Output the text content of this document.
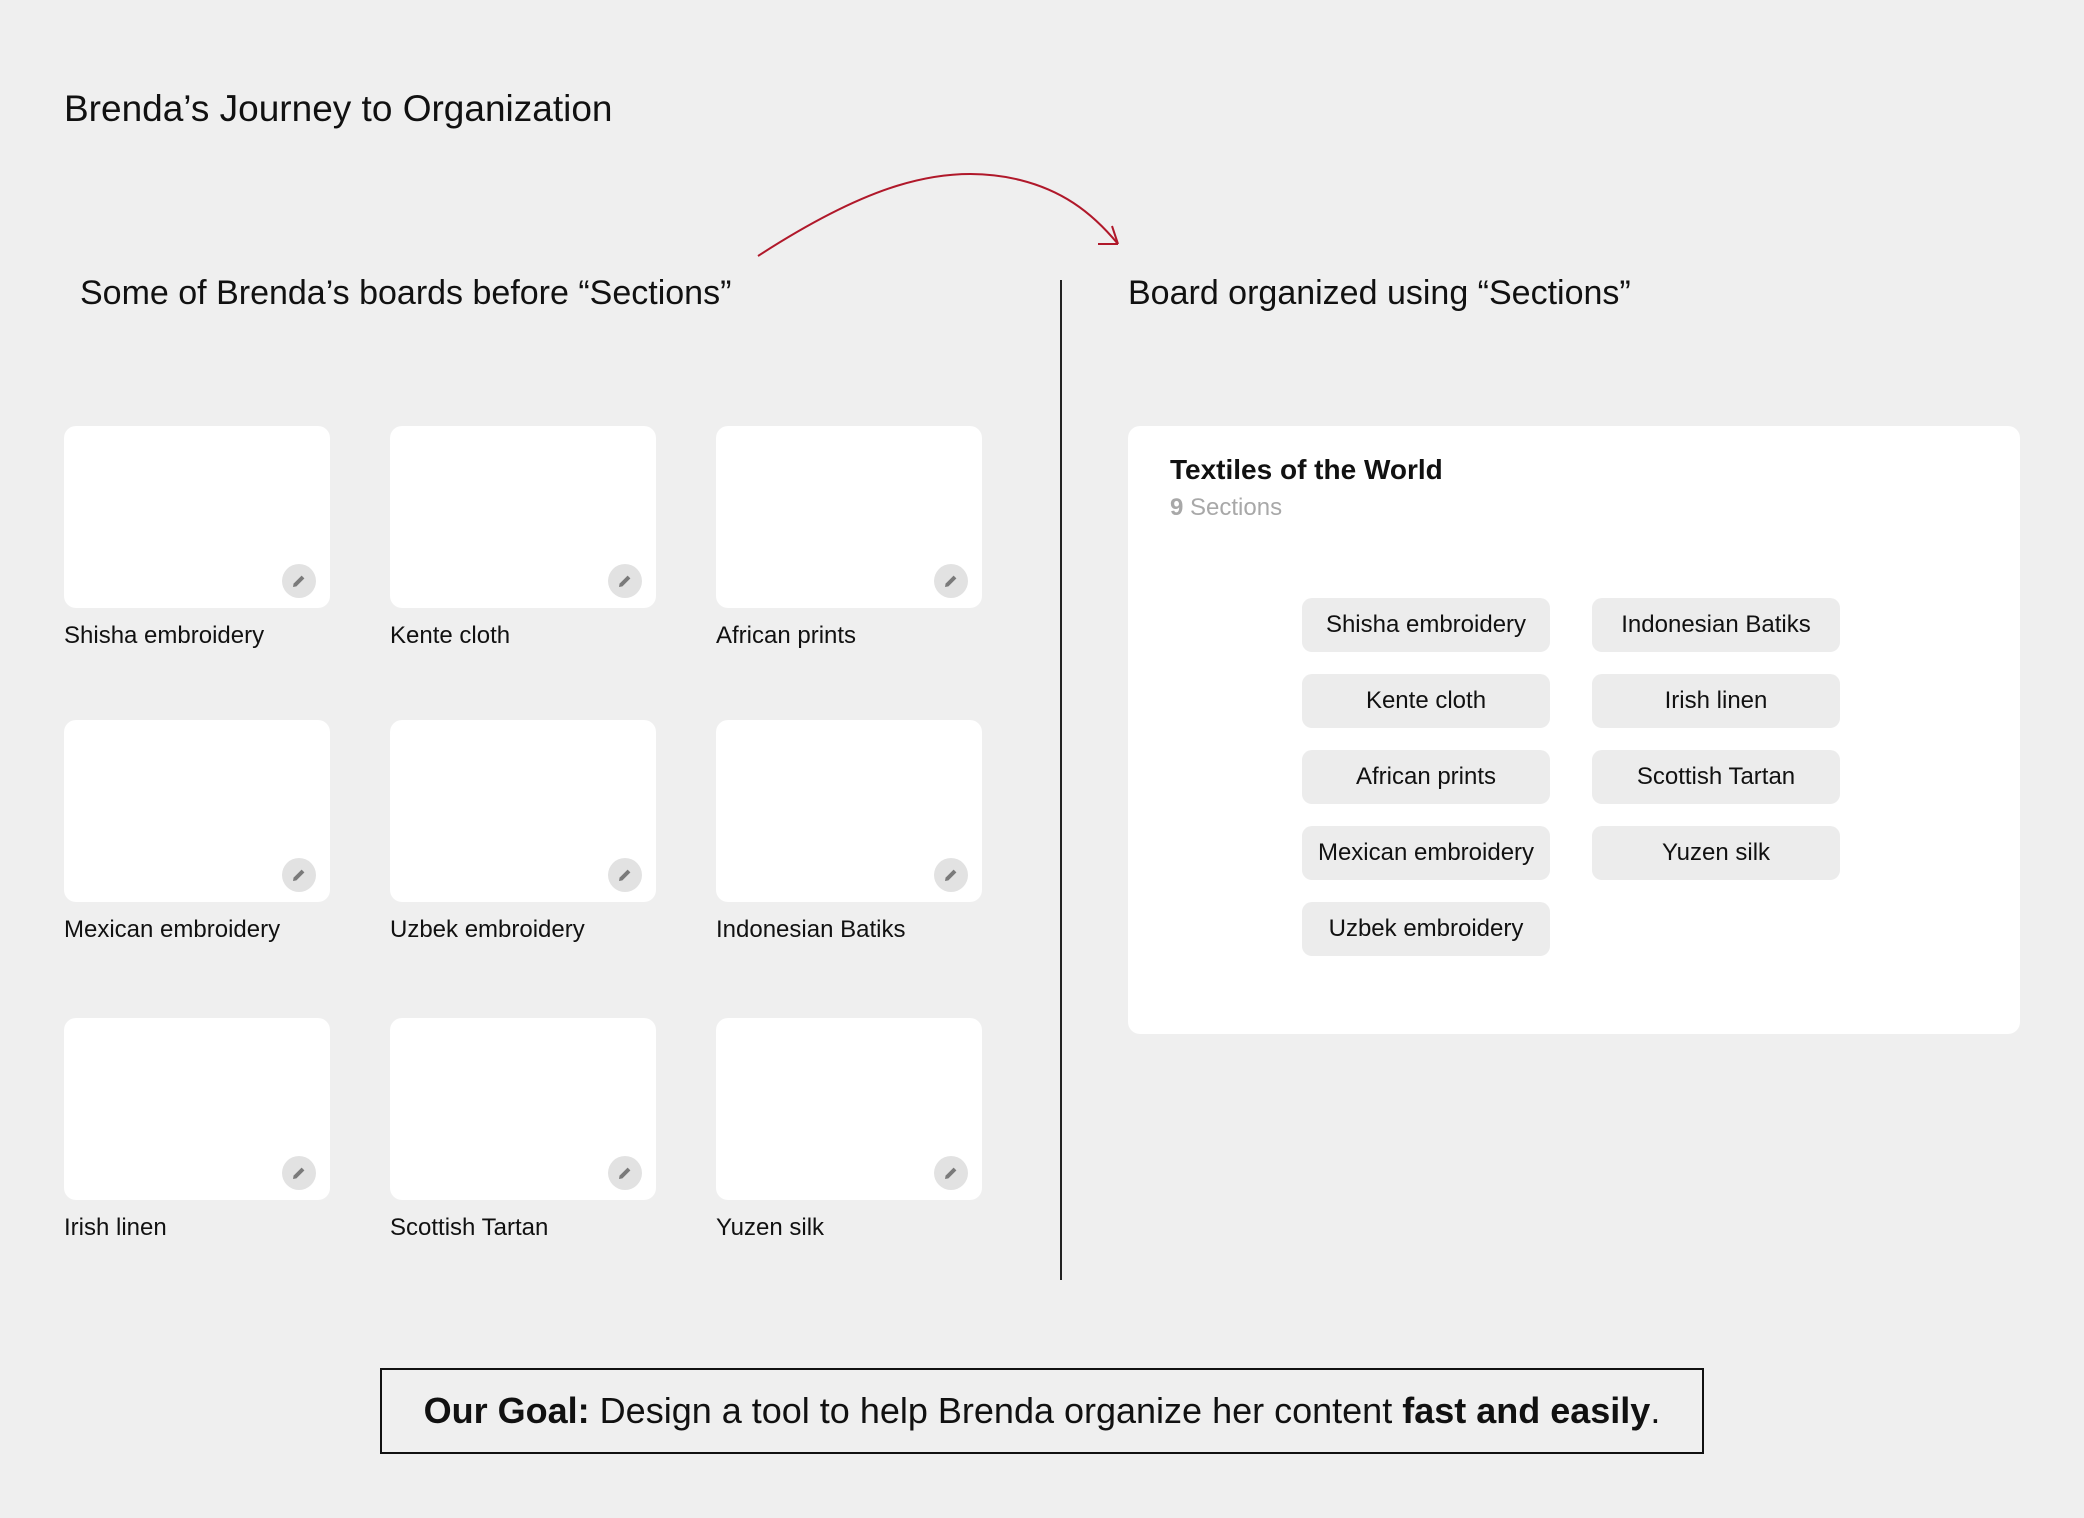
Brenda’s Journey to Organization
Some of Brenda’s boards before “Sections”	Board organized using “Sections”
Shisha embroidery	Kente cloth	African prints
Mexican embroidery	Uzbek embroidery	Indonesian Batiks
Irish linen	Scottish Tartan	Yuzen silk
Textiles of the World
9 Sections
Shisha embroidery
Kente cloth
African prints
Mexican embroidery
Uzbek embroidery
Indonesian Batiks
Irish linen
Scottish Tartan
Yuzen silk
Our Goal: Design a tool to help Brenda organize her content fast and easily.
